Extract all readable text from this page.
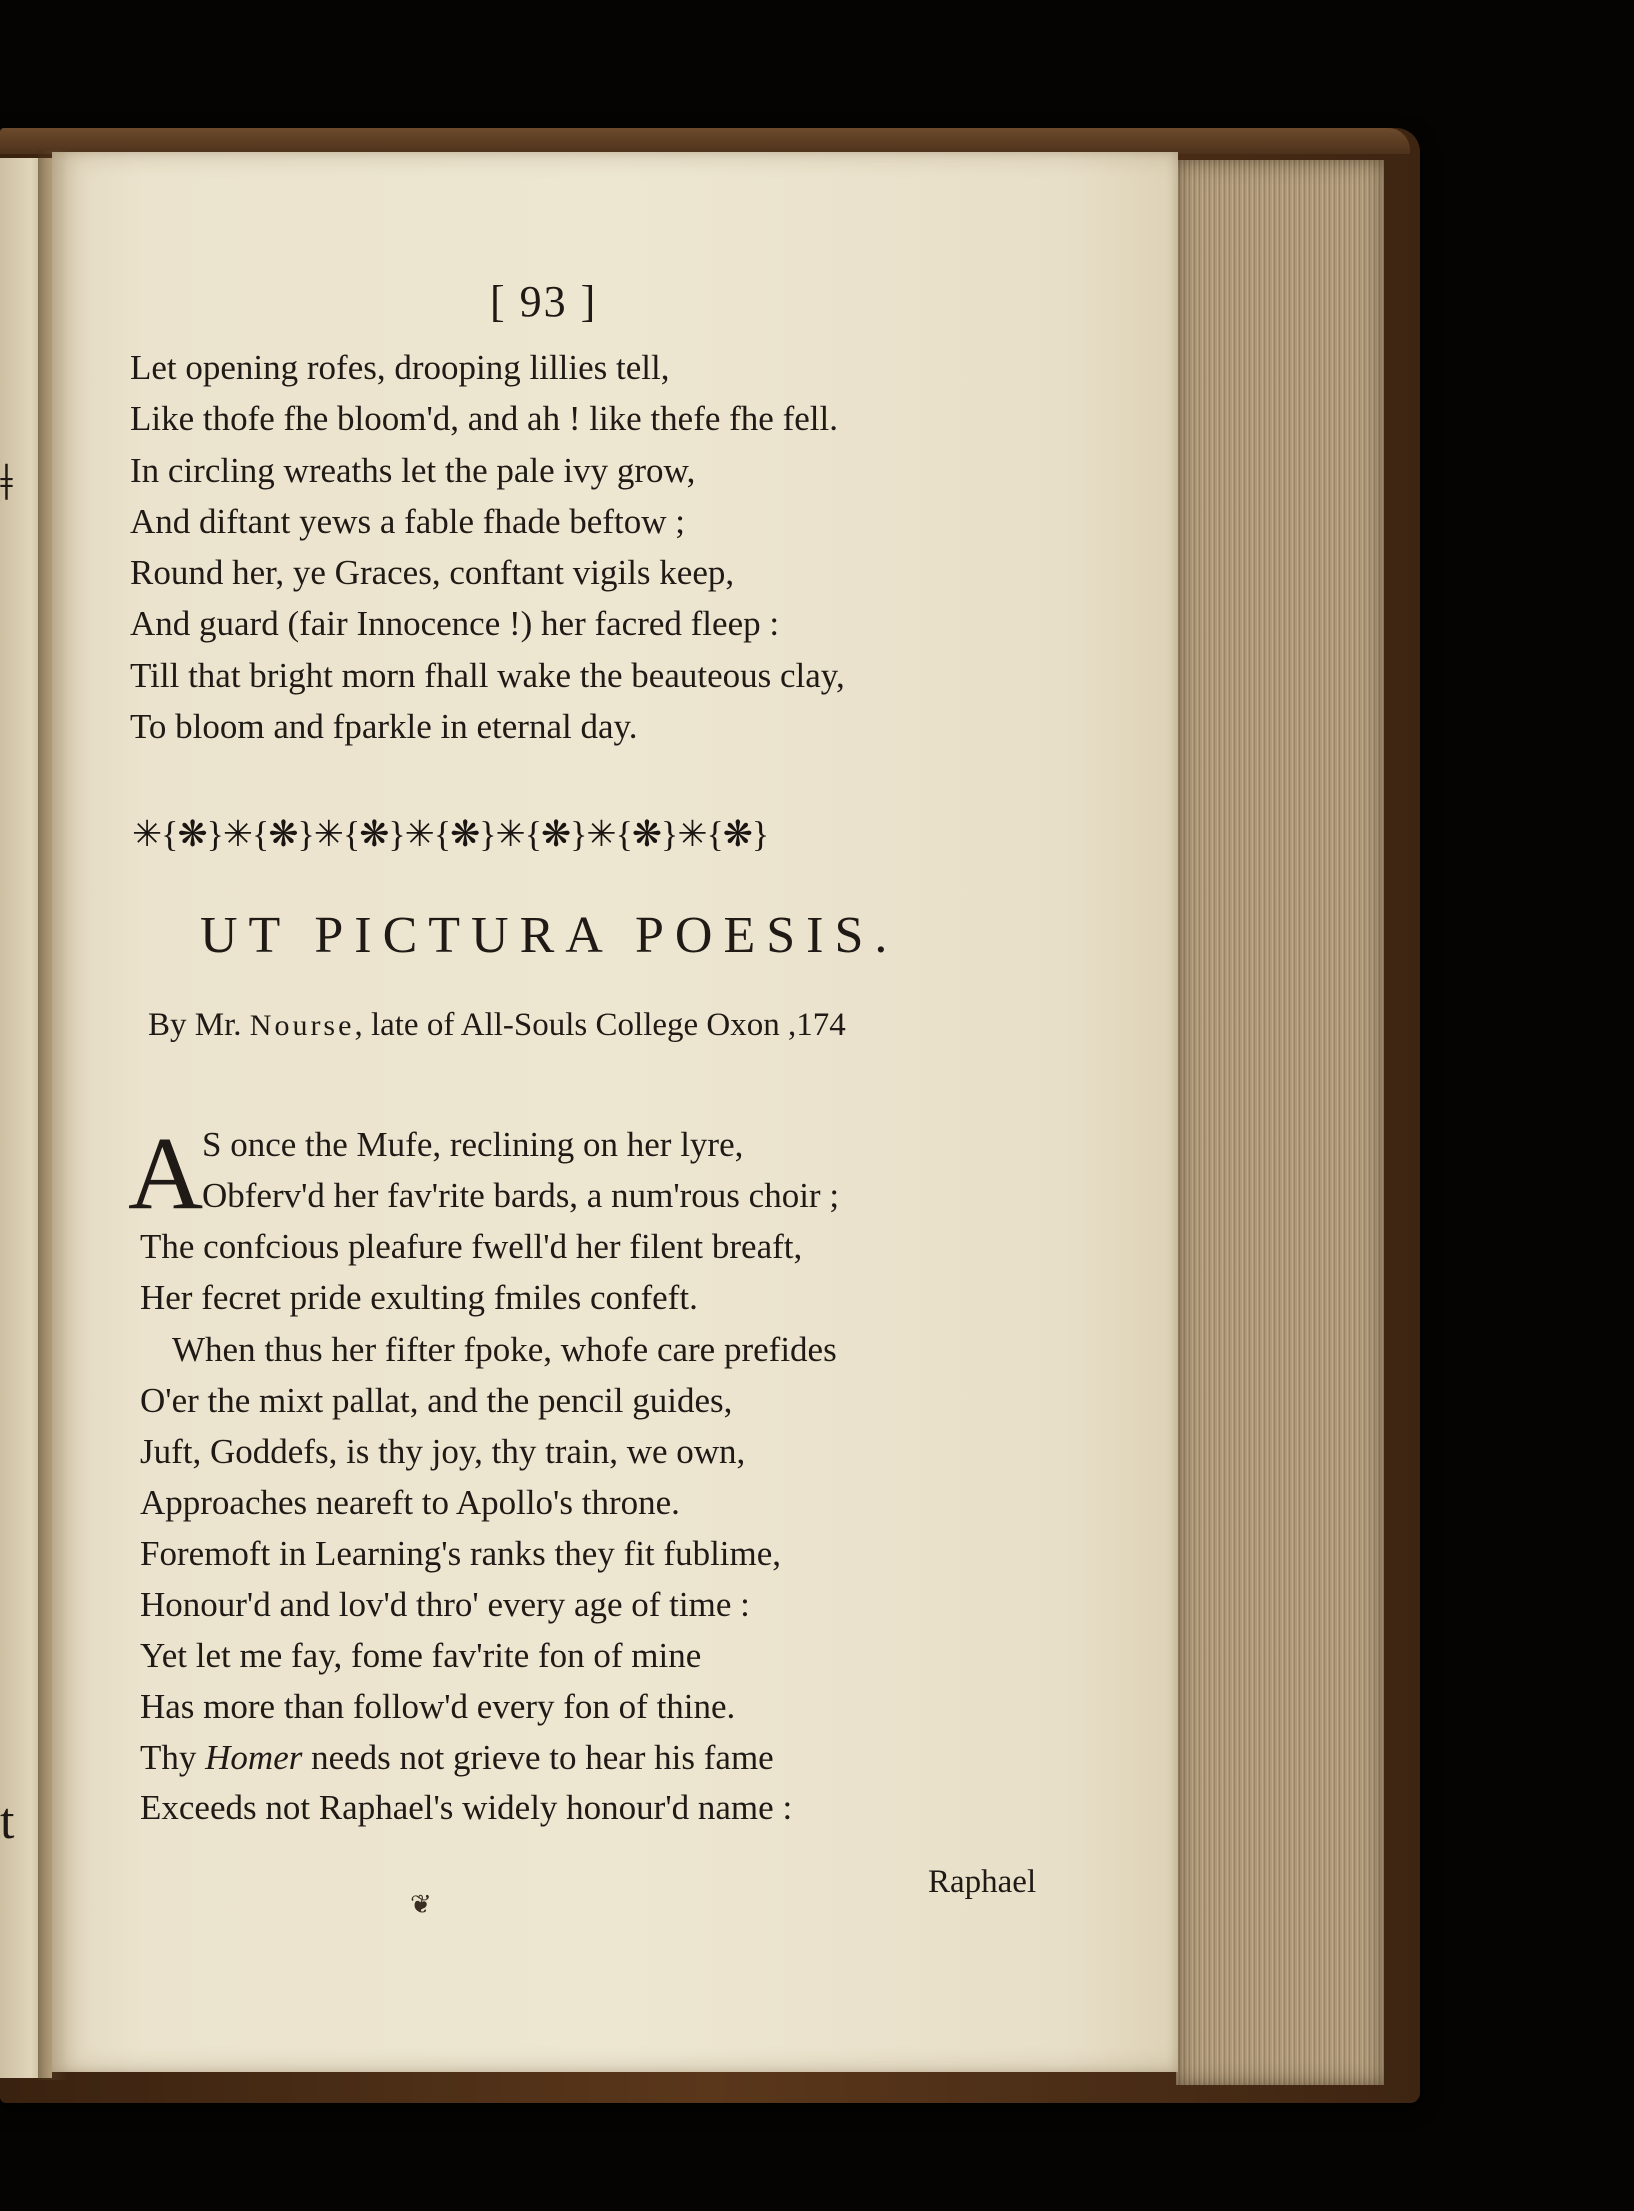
ǂ
t
[ 93 ]
Let opening rofes, drooping lillies tell,
Like thofe fhe bloom'd, and ah ! like thefe fhe fell.
In circling wreaths let the pale ivy grow,
And diftant yews a fable fhade beftow ;
Round her, ye Graces, conftant vigils keep,
And guard (fair Innocence !) her facred fleep :
Till that bright morn fhall wake the beauteous clay,
To bloom and fparkle in eternal day.
✳{❋}✳{❋}✳{❋}✳{❋}✳{❋}✳{❋}✳{❋}
UT PICTURA POESIS.
By Mr. Nourse, late of All-Souls College Oxon ,174
A
S once the Mufe, reclining on her lyre,
Obferv'd her fav'rite bards, a num'rous choir ;
The confcious pleafure fwell'd her filent breaft,
Her fecret pride exulting fmiles confeft.
When thus her fifter fpoke, whofe care prefides
O'er the mixt pallat, and the pencil guides,
Juft, Goddefs, is thy joy, thy train, we own,
Approaches neareft to Apollo's throne.
Foremoft in Learning's ranks they fit fublime,
Honour'd and lov'd thro' every age of time :
Yet let me fay, fome fav'rite fon of mine
Has more than follow'd every fon of thine.
Thy Homer needs not grieve to hear his fame
Exceeds not Raphael's widely honour'd name :
Raphael
❦
